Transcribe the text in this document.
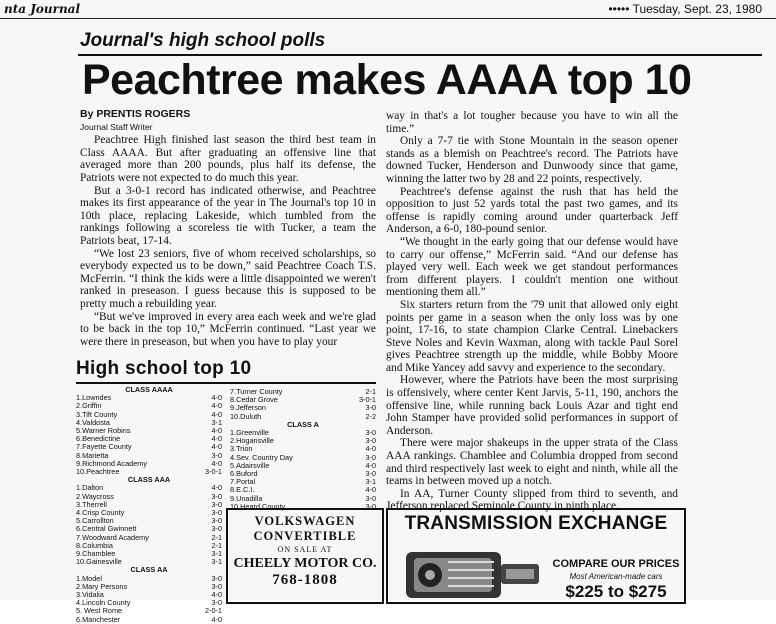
nta Journal	••••• Tuesday, Sept. 23, 1980
Journal's high school polls
Peachtree makes AAAA top 10

By PRENTIS ROGERS

Journal Staff Writer

Peachtree High finished last season the third best team in Class AAAA. But after graduating an offensive line that averaged more than 200 pounds, plus half its defense, the Patriots were not expected to do much this year.

But a 3-0-1 record has indicated otherwise, and Peachtree makes its first appearance of the year in The Journal's top 10 in 10th place, replacing Lakeside, which tumbled from the rankings following a scoreless tie with Tucker, a team the Patriots beat, 17-14.

“We lost 23 seniors, five of whom received scholarships, so everybody expected us to be down,” said Peachtree Coach T.S. McFerrin. “I think the kids were a little disappointed we weren't ranked in preseason. I guess because this is supposed to be pretty much a rebuilding year.

“But we've improved in every area each week and we're glad to be back in the top 10,” McFerrin continued. “Last year we were there in preseason, but when you have to play your

way in that's a lot tougher because you have to win all the time.”

Only a 7-7 tie with Stone Mountain in the season opener stands as a blemish on Peachtree's record. The Patriots have downed Tucker, Henderson and Dunwoody since that game, winning the latter two by 28 and 22 points, respectively.

Peachtree's defense against the rush that has held the opposition to just 52 yards total the past two games, and its offense is rapidly coming around under quarterback Jeff Anderson, a 6-0, 180-pound senior.

“We thought in the early going that our defense would have to carry our offense,” McFerrin said. “And our defense has played very well. Each week we get standout performances from different players. I couldn't mention one without mentioning them all.”

Six starters return from the '79 unit that allowed only eight points per game in a season when the only loss was by one point, 17-16, to state champion Clarke Central. Linebackers Steve Noles and Kevin Waxman, along with tackle Paul Sorel gives Peachtree strength up the middle, while Bobby Moore and Mike Yancey add savvy and experience to the secondary.

However, where the Patriots have been the most surprising is offensively, where center Kent Jarvis, 5-11, 190, anchors the offensive line, while running back Louis Azar and tight end John Stamper have provided solid performances in support of Anderson.

There were major shakeups in the upper strata of the Class AAA rankings. Chamblee and Columbia dropped from second and third respectively last week to eight and ninth, while all the teams in between moved up a notch.

In AA, Turner County slipped from third to seventh, and Jefferson replaced Seminole County in ninth place.

High school top 10
CLASS AAAA
1.Lowndes	4-0
2.Griffin	4-0
3.Tift County	4-0
4.Valdosta	3-1
5.Warner Robins	4-0
6.Benedictine	4-0
7.Fayette County	4-0
8.Marietta	3-0
9.Richmond Academy	4-0
10.Peachtree	3-0-1
CLASS AAA
1.Dalton	4-0
2.Waycross	3-0
3.Therrell	3-0
4.Crisp County	3-0
5.Carrollton	3-0
6.Central Gwinnett	3-0
7.Woodward Academy	2-1
8.Columbia	2-1
9.Chamblee	3-1
10.Gainesville	3-1
CLASS AA
1.Model	3-0
2.Mary Persons	3-0
3.Vidalia	4-0
4.Lincoln County	3-0
5. West Rome	2-0-1
6.Manchester	4-0
7.Turner County	2-1
8.Cedar Grove	3-0-1
9.Jefferson	3-0
10.Duluth	2-2
CLASS A
1.Greenville	3-0
2.Hogansville	3-0
3.Trion	4-0
4.Sev. Country Day	3-0
5.Adairsville	4-0
6.Buford	3-0
7.Portal	3-1
8.E.C.I.	4-0
9.Unadilla	3-0
10.Heard County	3-0
VOLKSWAGEN
CONVERTIBLE
ON SALE AT
CHEELY MOTOR CO.
768-1808
TRANSMISSION EXCHANGE
COMPARE OUR PRICES
Most American-made cars
$225 to $275
